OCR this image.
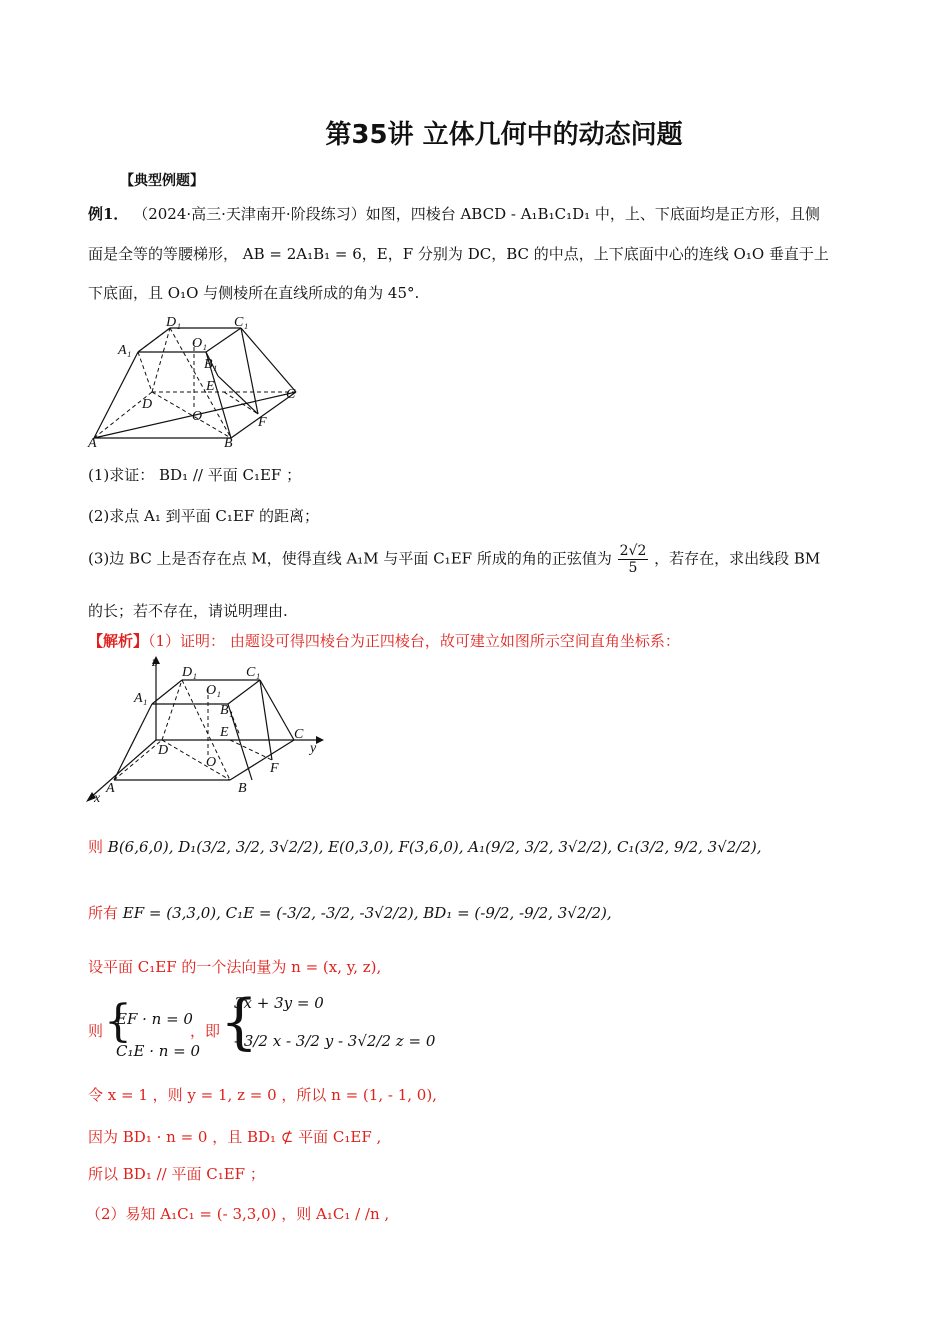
第35讲 立体几何中的动态问题
【典型例题】
例1． （2024·高三·天津南开·阶段练习）如图，四棱台 ABCD - A₁B₁C₁D₁ 中，上、下底面均是正方形，且侧
面是全等的等腰梯形， AB = 2A₁B₁ = 6，E，F 分别为 DC，BC 的中点，上下底面中心的连线 O₁O 垂直于上
下底面，且 O₁O 与侧棱所在直线所成的角为 45°.
D₁	C₁
O₁
A₁
B₁
E
C
D
O	F
A	B
(1)求证： BD₁ // 平面 C₁EF ；
(2)求点 A₁ 到平面 C₁EF 的距离；
(3)边 BC 上是否存在点 M，使得直线 A₁M 与平面 C₁EF 所成的角的正弦值为 $\frac{2√2}{5}$ ，若存在，求出线段 BM
的长；若不存在，请说明理由.
【解析】（1）证明： 由题设可得四棱台为正四棱台，故可建立如图所示空间直角坐标系：
z
D₁	C₁
A₁
O₁
B₁
E	C
y
D
O	F
A	B
x
则 B(6,6,0), D₁(3/2, 3/2, 3√2/2), E(0,3,0), F(3,6,0), A₁(9/2, 3/2, 3√2/2), C₁(3/2, 9/2, 3√2/2),
所有 EF = (3,3,0), C₁E = (-3/2, -3/2, -3√2/2), BD₁ = (-9/2, -9/2, 3√2/2),
设平面 C₁EF 的一个法向量为 n = (x, y, z),
则 {
EF · n = 0
C₁E · n = 0
，即 {
3x + 3y = 0
- 3/2 x - 3/2 y - 3√2/2 z = 0
令 x = 1 ，则 y = 1, z = 0 ，所以 n = (1, - 1, 0),
因为 BD₁ · n = 0 ，且 BD₁ ⊄ 平面 C₁EF ,
所以 BD₁ // 平面 C₁EF ；
（2）易知 A₁C₁ = (- 3,3,0) ，则 A₁C₁ / /n ,
